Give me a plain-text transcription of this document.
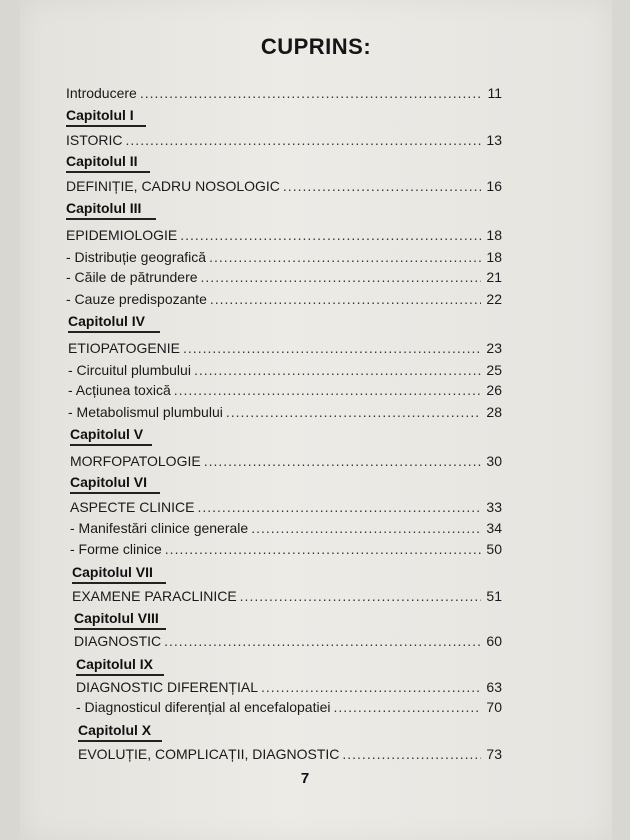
CUPRINS:
Introducere .....	11
Capitolul I
ISTORIC .....	13
Capitolul II
DEFINIȚIE, CADRU NOSOLOGIC .....	16
Capitolul III
EPIDEMIOLOGIE .....	18
- Distribuție geografică .....	18
- Căile de pătrundere .....	21
- Cauze predispozante .....	22
Capitolul IV
ETIOPATOGENIE .....	23
- Circuitul plumbului .....	25
- Acțiunea toxică .....	26
- Metabolismul plumbului .....	28
Capitolul V
MORFOPATOLOGIE .....	30
Capitolul VI
ASPECTE CLINICE .....	33
- Manifestări clinice generale .....	34
- Forme clinice .....	50
Capitolul VII
EXAMENE PARACLINICE .....	51
Capitolul VIII
DIAGNOSTIC .....	60
Capitolul IX
DIAGNOSTIC DIFERENȚIAL .....	63
- Diagnosticul diferențial al encefalopatiei .....	70
Capitolul X
EVOLUȚIE, COMPLICAȚII, DIAGNOSTIC .....	73
7
